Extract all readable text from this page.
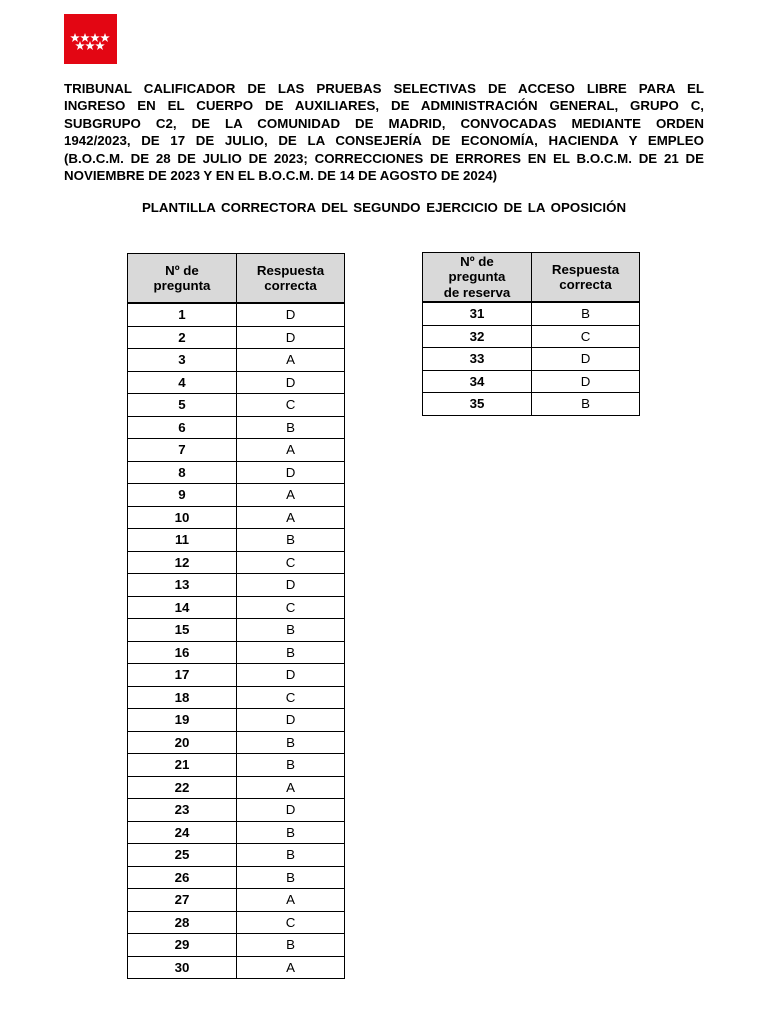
TRIBUNAL CALIFICADOR DE LAS PRUEBAS SELECTIVAS DE ACCESO LIBRE PARA EL
INGRESO EN EL CUERPO DE AUXILIARES, DE ADMINISTRACIÓN GENERAL, GRUPO C,
SUBGRUPO C2, DE LA COMUNIDAD DE MADRID, CONVOCADAS MEDIANTE ORDEN
1942/2023, DE 17 DE JULIO, DE LA CONSEJERÍA DE ECONOMÍA, HACIENDA Y EMPLEO
(B.O.C.M. DE 28 DE JULIO DE 2023; CORRECCIONES DE ERRORES EN EL B.O.C.M. DE 21 DE
NOVIEMBRE DE 2023 Y EN EL B.O.C.M. DE 14 DE AGOSTO DE 2024)
PLANTILLA CORRECTORA DEL SEGUNDO EJERCICIO DE LA OPOSICIÓN
Nº de
pregunta	Respuesta
correcta
1	D
2	D
3	A
4	D
5	C
6	B
7	A
8	D
9	A
10	A
11	B
12	C
13	D
14	C
15	B
16	B
17	D
18	C
19	D
20	B
21	B
22	A
23	D
24	B
25	B
26	B
27	A
28	C
29	B
30	A
Nº de
pregunta
de reserva	Respuesta
correcta
31	B
32	C
33	D
34	D
35	B
